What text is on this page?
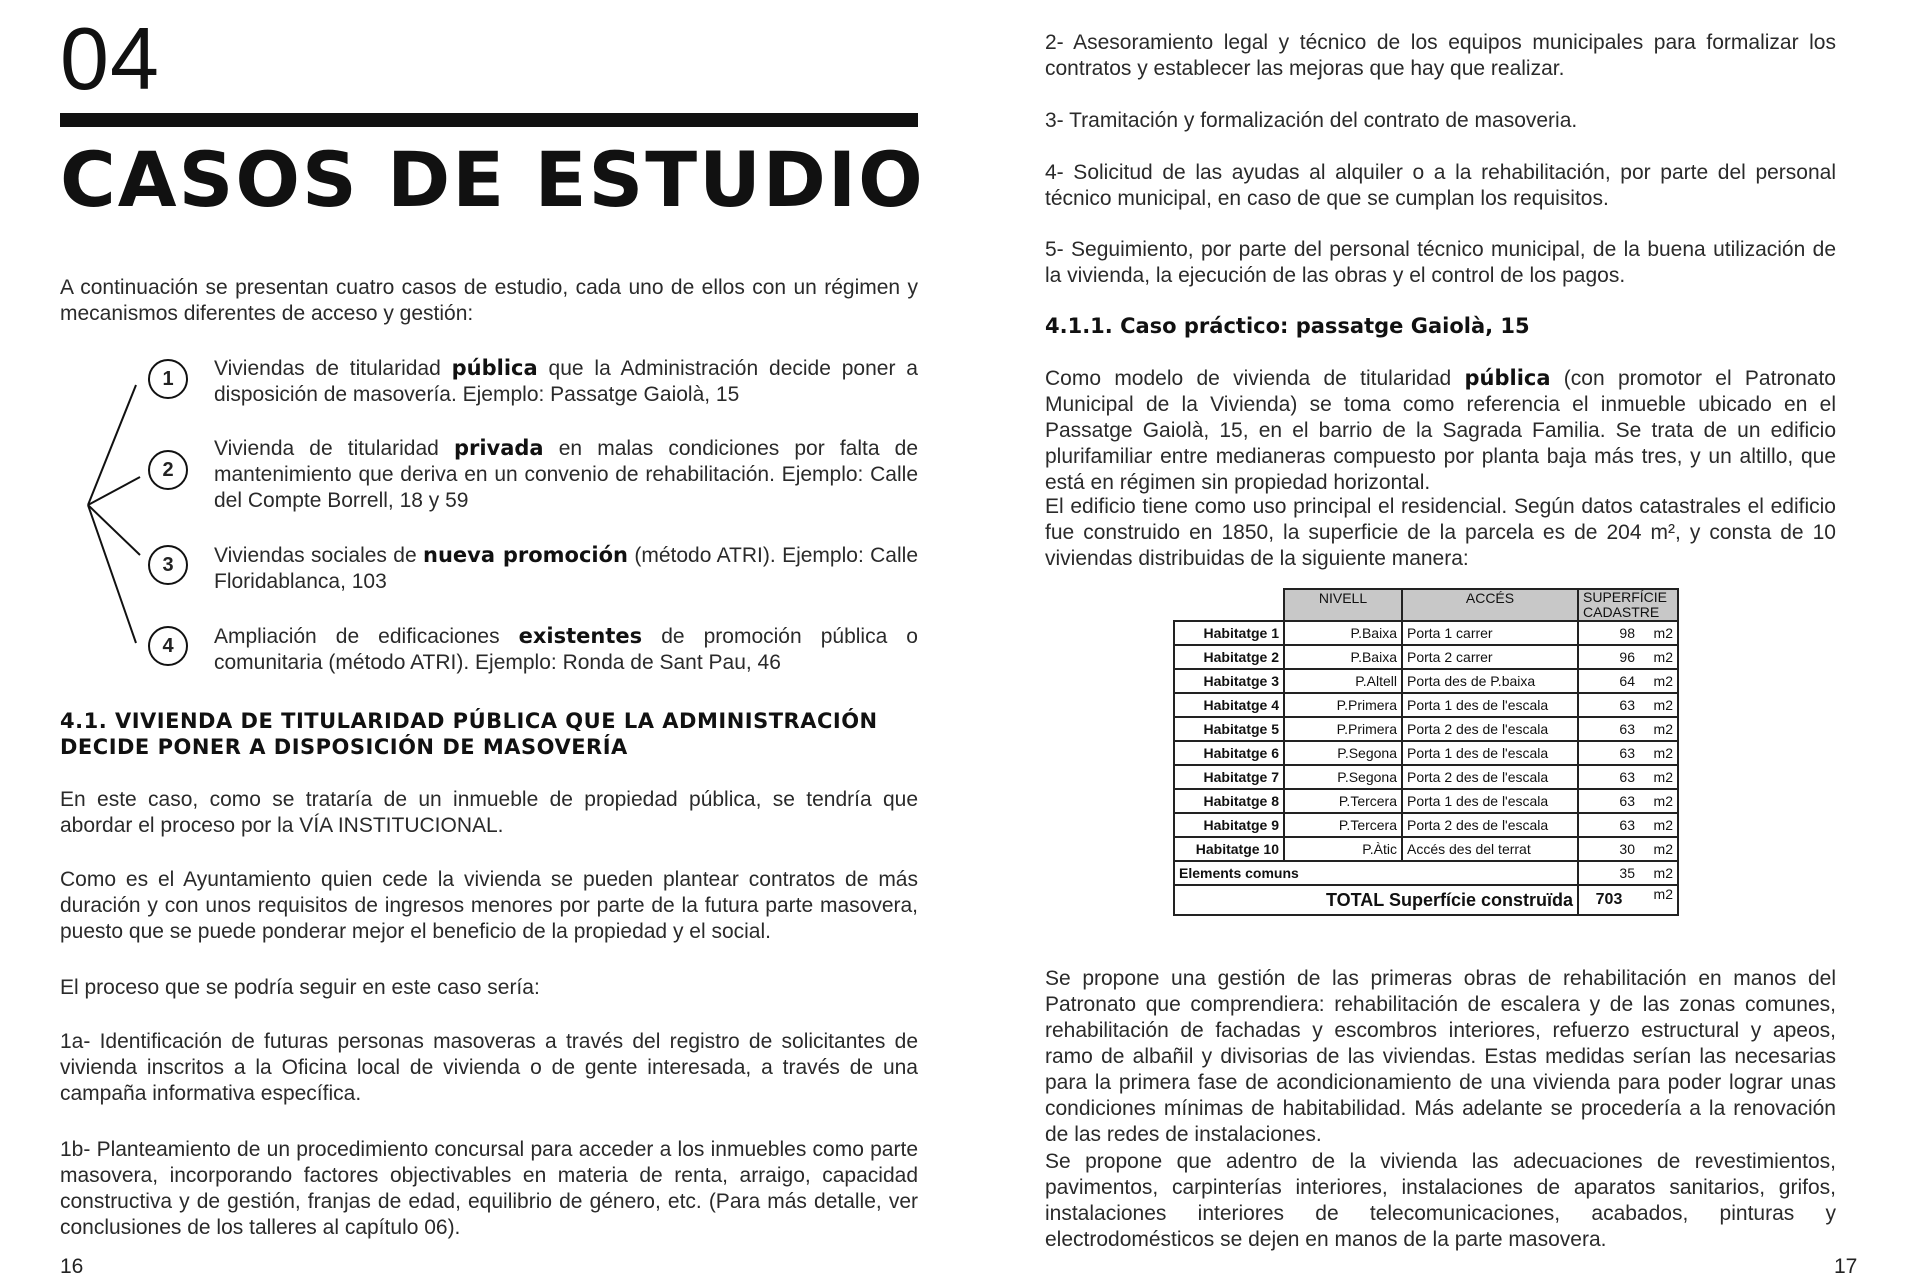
04
CASOS DE ESTUDIO

A continuación se presentan cuatro casos de estudio, cada uno de ellos con un régimen y mecanismos diferentes de acceso y gestión:

1	Viviendas de titularidad pública que la Administración decide poner a disposición de masovería. Ejemplo: Passatge Gaiolà, 15

2

Vivienda de titularidad privada en malas condiciones por falta de mantenimiento que deriva en un convenio de rehabilitación. Ejemplo: Calle del Compte Borrell, 18 y 59

3	Viviendas sociales de nueva promoción (método ATRI). Ejemplo: Calle Floridablanca, 103

4	Ampliación de edificaciones existentes de promoción pública o comunitaria (método ATRI). Ejemplo: Ronda de Sant Pau, 46

4.1. VIVIENDA DE TITULARIDAD PÚBLICA QUE LA ADMINISTRACIÓN DECIDE PONER A DISPOSICIÓN DE MASOVERÍA

En este caso, como se trataría de un inmueble de propiedad pública, se tendría que abordar el proceso por la VÍA INSTITUCIONAL.

Como es el Ayuntamiento quien cede la vivienda se pueden plantear contratos de más duración y con unos requisitos de ingresos menores por parte de la futura parte masovera, puesto que se puede ponderar mejor el beneficio de la propiedad y el social.

El proceso que se podría seguir en este caso sería:

1a- Identificación de futuras personas masoveras a través del registro de solicitantes de vivienda inscritos a la Oficina local de vivienda o de gente interesada, a través de una campaña informativa específica.

1b- Planteamiento de un procedimiento concursal para acceder a los inmuebles como parte masovera, incorporando factores objectivables en materia de renta, arraigo, capacidad constructiva y de gestión, franjas de edad, equilibrio de género, etc. (Para más detalle, ver conclusiones de los talleres al capítulo 06).

16

2- Asesoramiento legal y técnico de los equipos municipales para formalizar los contratos y establecer las mejoras que hay que realizar.

3- Tramitación y formalización del contrato de masoveria.

4- Solicitud de las ayudas al alquiler o a la rehabilitación, por parte del personal técnico municipal, en caso de que se cumplan los requisitos.

5- Seguimiento, por parte del personal técnico municipal, de la buena utilización de la vivienda, la ejecución de las obras y el control de los pagos.

4.1.1. Caso práctico: passatge Gaiolà, 15

Como modelo de vivienda de titularidad pública (con promotor el Patronato Municipal de la Vivienda) se toma como referencia el inmueble ubicado en el Passatge Gaiolà, 15, en el barrio de la Sagrada Familia. Se trata de un edificio plurifamiliar entre medianeras compuesto por planta baja más tres, y un altillo, que está en régimen sin propiedad horizontal.

El edificio tiene como uso principal el residencial. Según datos catastrales el edificio fue construido en 1850, la superficie de la parcela es de 204 m², y consta de 10 viviendas distribuidas de la siguiente manera:

	NIVELL	ACCÉS	SUPERFÍCIE CADASTRE	
Habitatge 1	P.Baixa	Porta 1 carrer	98	m2
Habitatge 2	P.Baixa	Porta 2 carrer	96	m2
Habitatge 3	P.Altell	Porta des de P.baixa	64	m2
Habitatge 4	P.Primera	Porta 1 des de l'escala	63	m2
Habitatge 5	P.Primera	Porta 2 des de l'escala	63	m2
Habitatge 6	P.Segona	Porta 1 des de l'escala	63	m2
Habitatge 7	P.Segona	Porta 2 des de l'escala	63	m2
Habitatge 8	P.Tercera	Porta 1 des de l'escala	63	m2
Habitatge 9	P.Tercera	Porta 2 des de l'escala	63	m2
Habitatge 10	P.Àtic	Accés des del terrat	30	m2
Elements comuns			35	m2
TOTAL Superfície construïda			703	m2

Se propone una gestión de las primeras obras de rehabilitación en manos del Patronato que comprendiera: rehabilitación de escalera y de las zonas comunes, rehabilitación de fachadas y escombros interiores, refuerzo estructural y apeos, ramo de albañil y divisorias de las viviendas. Estas medidas serían las necesarias para la primera fase de acondicionamiento de una vivienda para poder lograr unas condiciones mínimas de habitabilidad. Más adelante se procedería a la renovación de las redes de instalaciones.

Se propone que adentro de la vivienda las adecuaciones de revestimientos, pavimentos, carpinterías interiores, instalaciones de aparatos sanitarios, grifos, instalaciones interiores de telecomunicaciones, acabados, pinturas y electrodomésticos se dejen en manos de la parte masovera.

17
